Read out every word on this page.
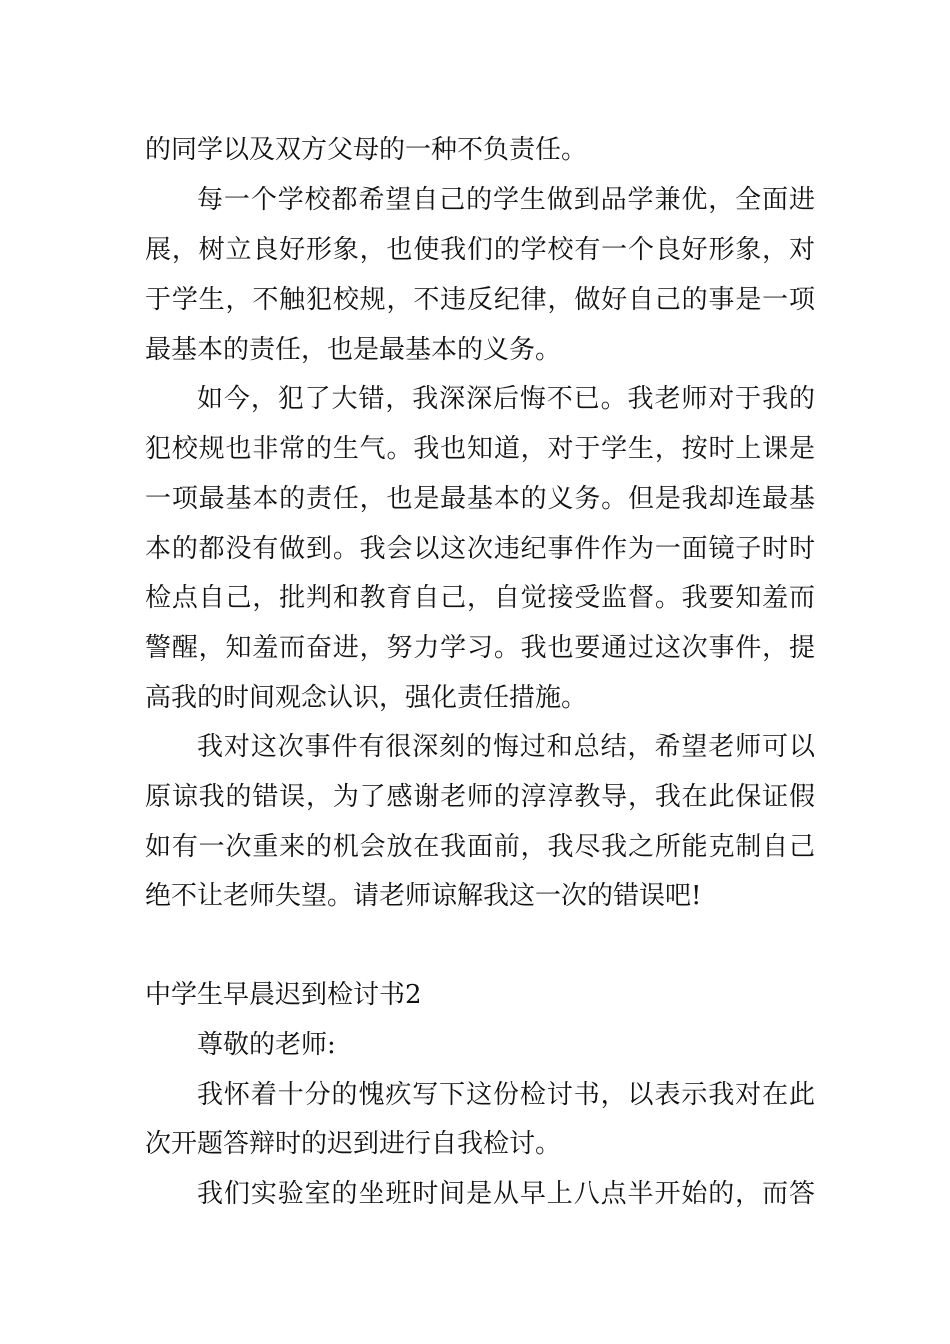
的同学以及双方父母的一种不负责任。
每一个学校都希望自己的学生做到品学兼优，全面进
展，树立良好形象，也使我们的学校有一个良好形象，对
于学生，不触犯校规，不违反纪律，做好自己的事是一项
最基本的责任，也是最基本的义务。
如今，犯了大错，我深深后悔不已。我老师对于我的
犯校规也非常的生气。我也知道，对于学生，按时上课是
一项最基本的责任，也是最基本的义务。但是我却连最基
本的都没有做到。我会以这次违纪事件作为一面镜子时时
检点自己，批判和教育自己，自觉接受监督。我要知羞而
警醒，知羞而奋进，努力学习。我也要通过这次事件，提
高我的时间观念认识，强化责任措施。
我对这次事件有很深刻的悔过和总结，希望老师可以
原谅我的错误，为了感谢老师的淳淳教导，我在此保证假
如有一次重来的机会放在我面前，我尽我之所能克制自己
绝不让老师失望。请老师谅解我这一次的错误吧!
中学生早晨迟到检讨书2
尊敬的老师:
我怀着十分的愧疚写下这份检讨书，以表示我对在此
次开题答辩时的迟到进行自我检讨。
我们实验室的坐班时间是从早上八点半开始的，而答
